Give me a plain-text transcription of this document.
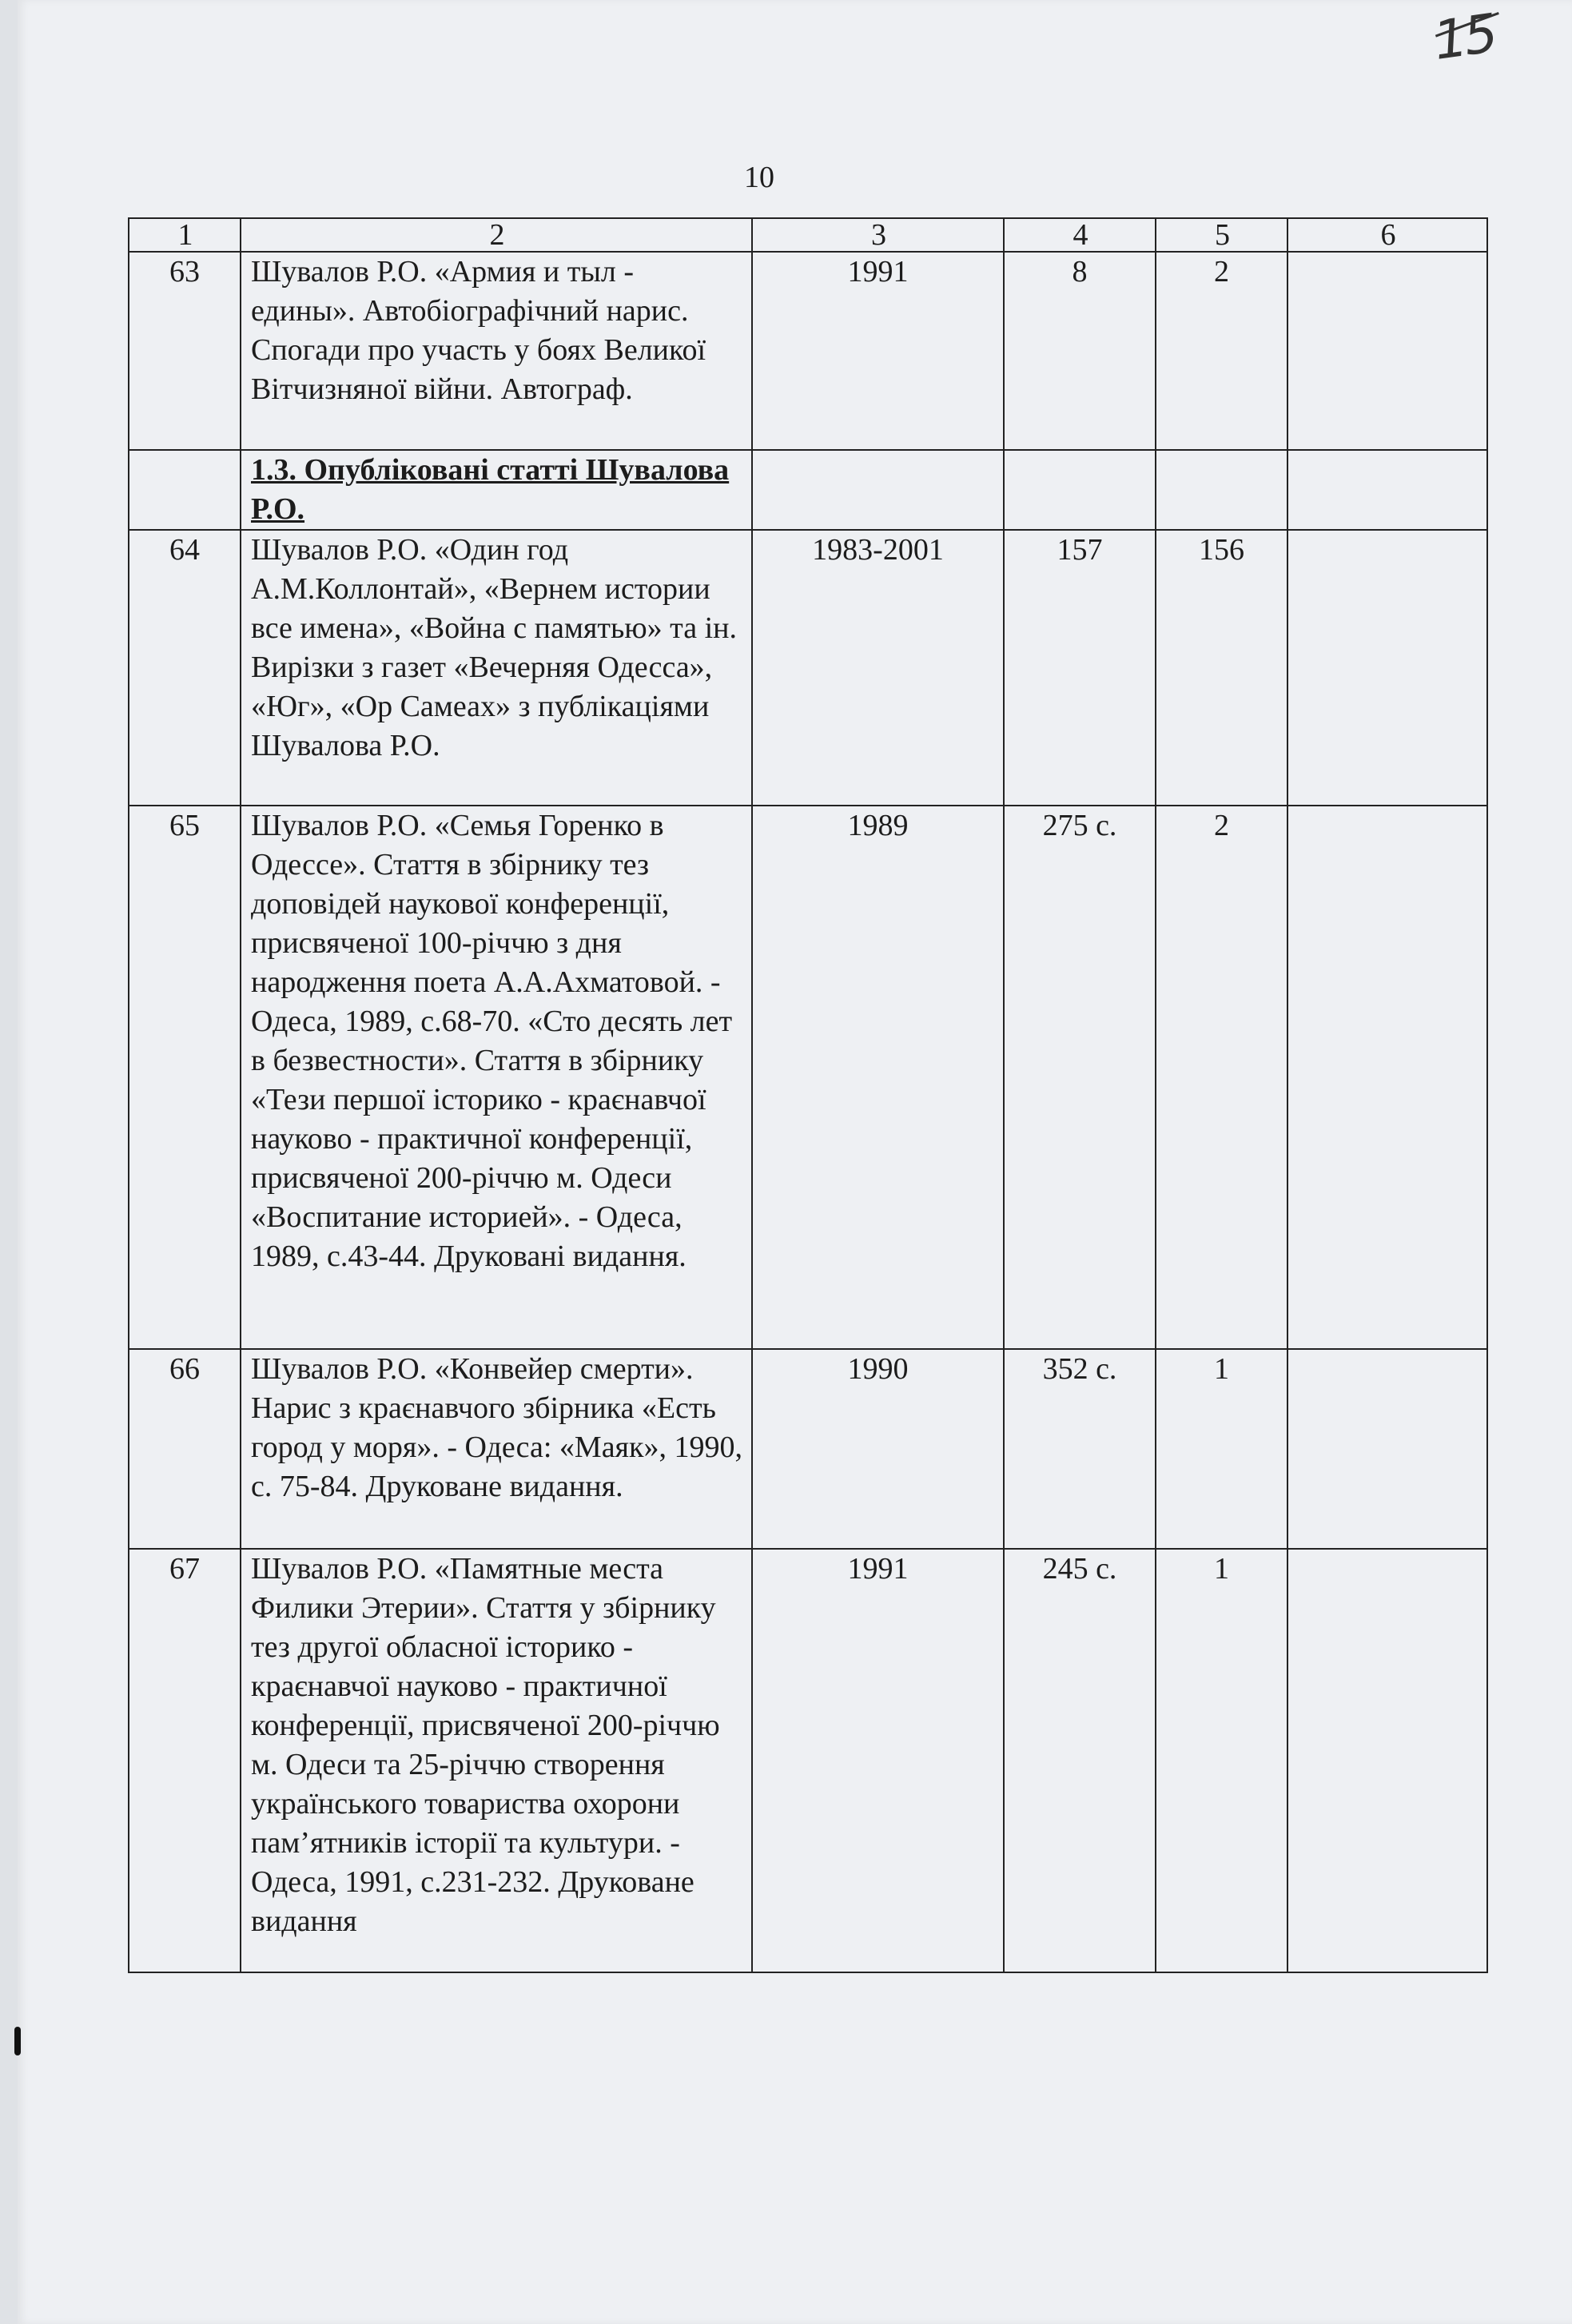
15
10
1	2	3	4	5	6
63	Шувалов Р.О. «Армия и тыл - едины». Автобіографічний нарис. Спогади про участь у боях Великої Вітчизняної війни. Автограф.	1991	8	2	
	1.3. Опубліковані статті Шувалова Р.О.				
64	Шувалов Р.О. «Один год А.М.Коллонтай», «Вернем истории все имена», «Война с памятью» та ін. Вирізки з газет «Вечерняя Одесса», «Юг», «Ор Самеах» з публікаціями Шувалова Р.О.	1983-2001	157	156	
65	Шувалов Р.О. «Семья Горенко в Одессе». Стаття в збірнику тез доповідей наукової конференції, присвяченої 100-річчю з дня народження поета А.А.Ахматовой. - Одеса, 1989, с.68-70. «Сто десять лет в безвестности». Стаття в збірнику «Тези першої історико - краєнавчої науково - практичної конференції, присвяченої 200-річчю м. Одеси «Воспитание историей». - Одеса, 1989, с.43-44. Друковані видання.	1989	275 с.	2	
66	Шувалов Р.О. «Конвейер смерти». Нарис з краєнавчого збірника «Есть город у моря». - Одеса: «Маяк», 1990, с. 75-84. Друковане видання.	1990	352 с.	1	
67	Шувалов Р.О. «Памятные места Филики Этерии». Стаття у збірнику тез другої обласної історико - краєнавчої науково - практичної конференції, присвяченої 200-річчю м. Одеси та 25-річчю створення українського товариства охорони пам’ятників історії та культури. - Одеса, 1991, с.231-232. Друковане видання	1991	245 с.	1	
